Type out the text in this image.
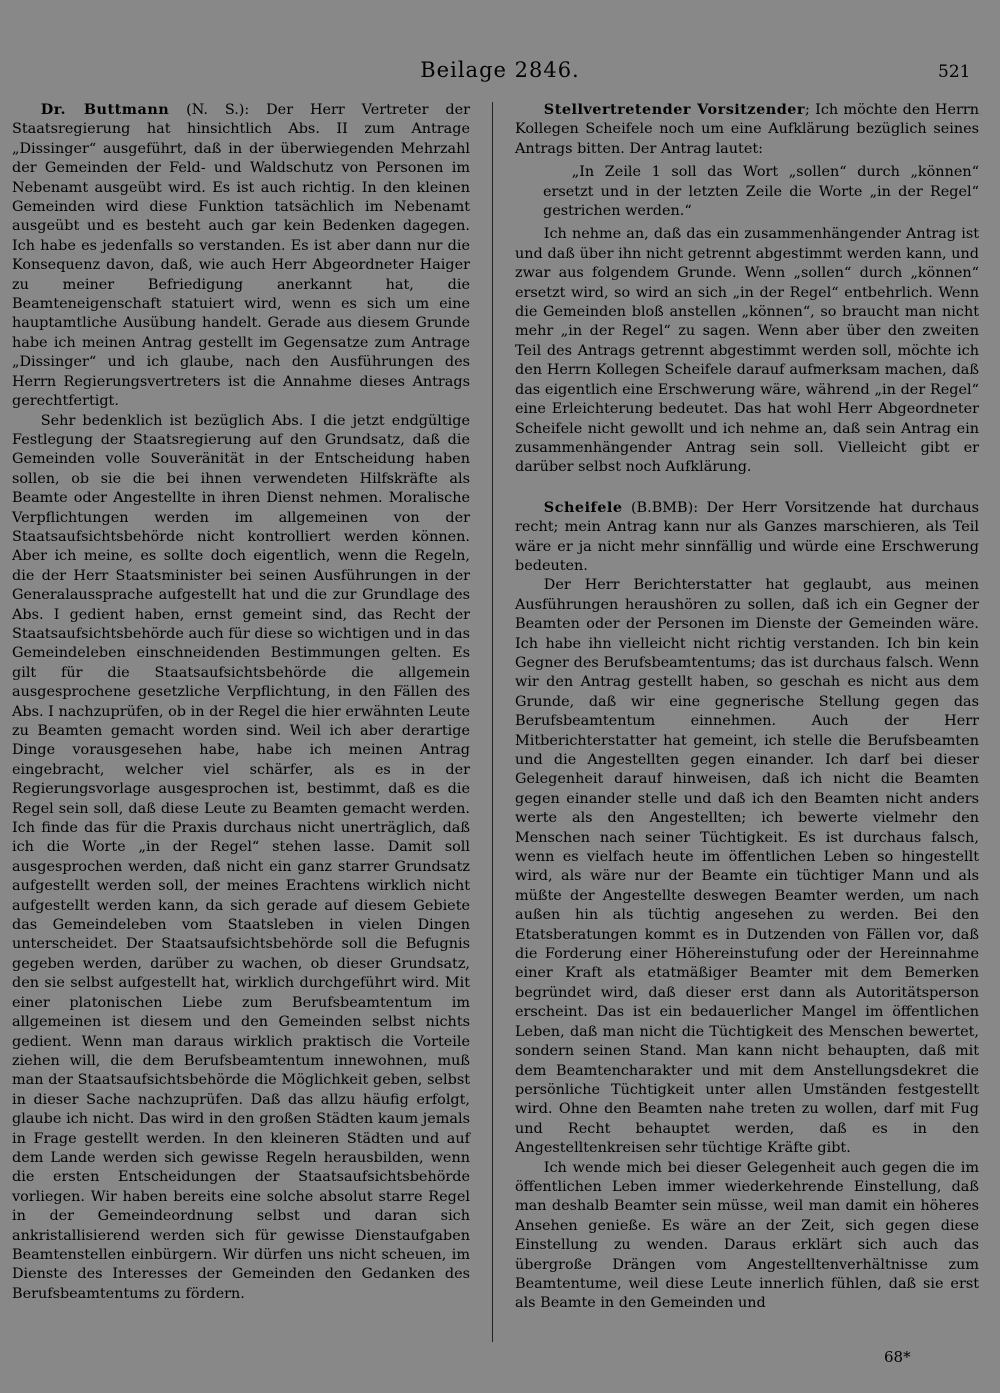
Beilage 2846.	521

Dr. Buttmann (N. S.): Der Herr Vertreter der Staatsregierung hat hinsichtlich Abs. II zum Antrage „Dissinger“ ausgeführt, daß in der überwiegenden Mehrzahl der Gemeinden der Feld- und Waldschutz von Personen im Nebenamt ausgeübt wird. Es ist auch richtig. In den kleinen Gemeinden wird diese Funktion tatsächlich im Nebenamt ausgeübt und es besteht auch gar kein Bedenken dagegen. Ich habe es jedenfalls so verstanden. Es ist aber dann nur die Konsequenz davon, daß, wie auch Herr Abgeordneter Haiger zu meiner Befriedigung anerkannt hat, die Beamteneigenschaft statuiert wird, wenn es sich um eine hauptamtliche Ausübung handelt. Gerade aus diesem Grunde habe ich meinen Antrag gestellt im Gegensatze zum Antrage „Dissinger“ und ich glaube, nach den Ausführungen des Herrn Regierungsvertreters ist die Annahme dieses Antrags gerechtfertigt.

Sehr bedenklich ist bezüglich Abs. I die jetzt endgültige Festlegung der Staatsregierung auf den Grundsatz, daß die Gemeinden volle Souveränität in der Entscheidung haben sollen, ob sie die bei ihnen verwendeten Hilfskräfte als Beamte oder Angestellte in ihren Dienst nehmen. Moralische Verpflichtungen werden im allgemeinen von der Staatsaufsichtsbehörde nicht kontrolliert werden können. Aber ich meine, es sollte doch eigentlich, wenn die Regeln, die der Herr Staatsminister bei seinen Ausführungen in der Generalaussprache aufgestellt hat und die zur Grundlage des Abs. I gedient haben, ernst gemeint sind, das Recht der Staatsaufsichtsbehörde auch für diese so wichtigen und in das Gemeindeleben einschneidenden Bestimmungen gelten. Es gilt für die Staatsaufsichtsbehörde die allgemein ausgesprochene gesetzliche Verpflichtung, in den Fällen des Abs. I nachzuprüfen, ob in der Regel die hier erwähnten Leute zu Beamten gemacht worden sind. Weil ich aber derartige Dinge vorausgesehen habe, habe ich meinen Antrag eingebracht, welcher viel schärfer, als es in der Regierungsvorlage ausgesprochen ist, bestimmt, daß es die Regel sein soll, daß diese Leute zu Beamten gemacht werden. Ich finde das für die Praxis durchaus nicht unerträglich, daß ich die Worte „in der Regel“ stehen lasse. Damit soll ausgesprochen werden, daß nicht ein ganz starrer Grundsatz aufgestellt werden soll, der meines Erachtens wirklich nicht aufgestellt werden kann, da sich gerade auf diesem Gebiete das Gemeindeleben vom Staatsleben in vielen Dingen unterscheidet. Der Staatsaufsichtsbehörde soll die Befugnis gegeben werden, darüber zu wachen, ob dieser Grundsatz, den sie selbst aufgestellt hat, wirklich durchgeführt wird. Mit einer platonischen Liebe zum Berufsbeamtentum im allgemeinen ist diesem und den Gemeinden selbst nichts gedient. Wenn man daraus wirklich praktisch die Vorteile ziehen will, die dem Berufsbeamtentum innewohnen, muß man der Staatsaufsichtsbehörde die Möglichkeit geben, selbst in dieser Sache nachzuprüfen. Daß das allzu häufig erfolgt, glaube ich nicht. Das wird in den großen Städten kaum jemals in Frage gestellt werden. In den kleineren Städten und auf dem Lande werden sich gewisse Regeln herausbilden, wenn die ersten Entscheidungen der Staatsaufsichtsbehörde vorliegen. Wir haben bereits eine solche absolut starre Regel in der Gemeindeordnung selbst und daran sich ankristallisierend werden sich für gewisse Dienstaufgaben Beamtenstellen einbürgern. Wir dürfen uns nicht scheuen, im Dienste des Interesses der Gemeinden den Gedanken des Berufsbeamtentums zu fördern.

Stellvertretender Vorsitzender; Ich möchte den Herrn Kollegen Scheifele noch um eine Aufklärung bezüglich seines Antrags bitten. Der Antrag lautet:

„In Zeile 1 soll das Wort „sollen“ durch „können“ ersetzt und in der letzten Zeile die Worte „in der Regel“ gestrichen werden.“

Ich nehme an, daß das ein zusammenhängender Antrag ist und daß über ihn nicht getrennt abgestimmt werden kann, und zwar aus folgendem Grunde. Wenn „sollen“ durch „können“ ersetzt wird, so wird an sich „in der Regel“ entbehrlich. Wenn die Gemeinden bloß anstellen „können“, so braucht man nicht mehr „in der Regel“ zu sagen. Wenn aber über den zweiten Teil des Antrags getrennt abgestimmt werden soll, möchte ich den Herrn Kollegen Scheifele darauf aufmerksam machen, daß das eigentlich eine Erschwerung wäre, während „in der Regel“ eine Erleichterung bedeutet. Das hat wohl Herr Abgeordneter Scheifele nicht gewollt und ich nehme an, daß sein Antrag ein zusammenhängender Antrag sein soll. Vielleicht gibt er darüber selbst noch Aufklärung.

Scheifele (B.BMB): Der Herr Vorsitzende hat durchaus recht; mein Antrag kann nur als Ganzes marschieren, als Teil wäre er ja nicht mehr sinnfällig und würde eine Erschwerung bedeuten.

Der Herr Berichterstatter hat geglaubt, aus meinen Ausführungen heraushören zu sollen, daß ich ein Gegner der Beamten oder der Personen im Dienste der Gemeinden wäre. Ich habe ihn vielleicht nicht richtig verstanden. Ich bin kein Gegner des Berufsbeamtentums; das ist durchaus falsch. Wenn wir den Antrag gestellt haben, so geschah es nicht aus dem Grunde, daß wir eine gegnerische Stellung gegen das Berufsbeamtentum einnehmen. Auch der Herr Mitberichterstatter hat gemeint, ich stelle die Berufsbeamten und die Angestellten gegen einander. Ich darf bei dieser Gelegenheit darauf hinweisen, daß ich nicht die Beamten gegen einander stelle und daß ich den Beamten nicht anders werte als den Angestellten; ich bewerte vielmehr den Menschen nach seiner Tüchtigkeit. Es ist durchaus falsch, wenn es vielfach heute im öffentlichen Leben so hingestellt wird, als wäre nur der Beamte ein tüchtiger Mann und als müßte der Angestellte deswegen Beamter werden, um nach außen hin als tüchtig angesehen zu werden. Bei den Etatsberatungen kommt es in Dutzenden von Fällen vor, daß die Forderung einer Höhereinstufung oder der Hereinnahme einer Kraft als etatmäßiger Beamter mit dem Bemerken begründet wird, daß dieser erst dann als Autoritätsperson erscheint. Das ist ein bedauerlicher Mangel im öffentlichen Leben, daß man nicht die Tüchtigkeit des Menschen bewertet, sondern seinen Stand. Man kann nicht behaupten, daß mit dem Beamtencharakter und mit dem Anstellungsdekret die persönliche Tüchtigkeit unter allen Umständen festgestellt wird. Ohne den Beamten nahe treten zu wollen, darf mit Fug und Recht behauptet werden, daß es in den Angestelltenkreisen sehr tüchtige Kräfte gibt.

Ich wende mich bei dieser Gelegenheit auch gegen die im öffentlichen Leben immer wiederkehrende Einstellung, daß man deshalb Beamter sein müsse, weil man damit ein höheres Ansehen genieße. Es wäre an der Zeit, sich gegen diese Einstellung zu wenden. Daraus erklärt sich auch das übergroße Drängen vom Angestelltenverhältnisse zum Beamtentume, weil diese Leute innerlich fühlen, daß sie erst als Beamte in den Gemeinden und

68*
